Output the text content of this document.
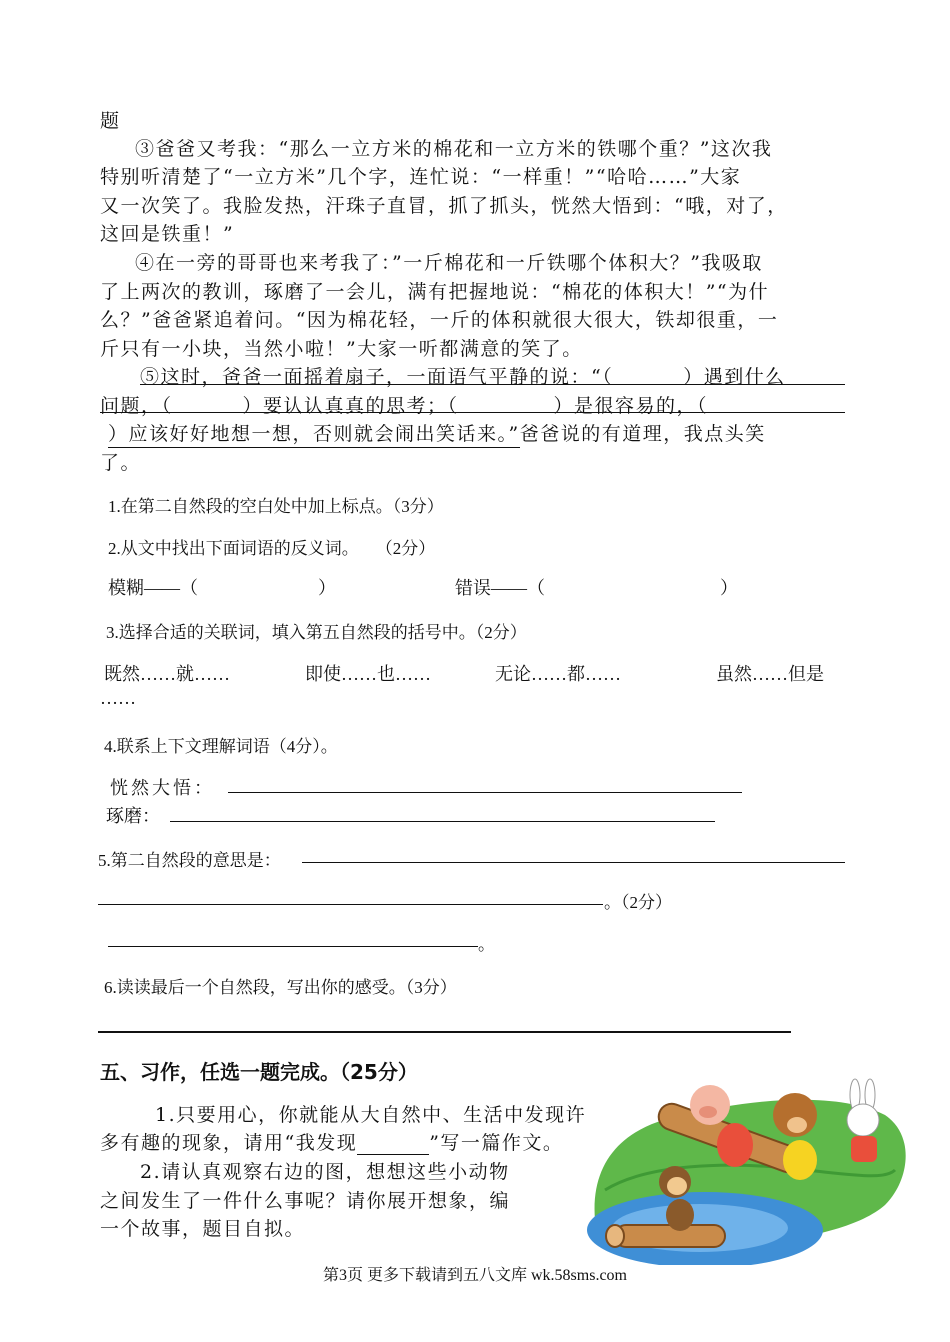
题
③爸爸又考我：“那么一立方米的棉花和一立方米的铁哪个重？”这次我
特别听清楚了“一立方米”几个字，连忙说：“一样重！”“哈哈……”大家
又一次笑了。我脸发热，汗珠子直冒，抓了抓头，恍然大悟到：“哦，对了，
这回是铁重！”
④在一旁的哥哥也来考我了：”一斤棉花和一斤铁哪个体积大？”我吸取
了上两次的教训，琢磨了一会儿，满有把握地说：“棉花的体积大！”“为什
么？”爸爸紧追着问。“因为棉花轻，一斤的体积就很大很大，铁却很重，一
斤只有一小块，当然小啦！”大家一听都满意的笑了。
⑤这时，爸爸一面摇着扇子，一面语气平静的说：“（	）遇到什么
问题，（	）要认认真真的思考；（	）是很容易的，（
）应该好好地想一想，否则就会闹出笑话来。”爸爸说的有道理，我点头笑
了。
1.在第二自然段的空白处中加上标点。（3分）
2.从文中找出下面词语的反义词。　　（2分）
模糊——（	）	错误——（	）
3.选择合适的关联词，填入第五自然段的括号中。（2分）
既然……就……	即使……也……	无论……都……	虽然……但是
……
4.联系上下文理解词语（4分）。
恍然大悟：
琢磨：
5.第二自然段的意思是：
。（2分）
。
6.读读最后一个自然段，写出你的感受。（3分）
五、习作，任选一题完成。（25分）
1.只要用心，你就能从大自然中、生活中发现许
多有趣的现象，请用“我发现	”写一篇作文。
2.请认真观察右边的图，想想这些小动物
之间发生了一件什么事呢？请你展开想象，编
一个故事，题目自拟。
第3页 更多下载请到五八文库 wk.58sms.com
